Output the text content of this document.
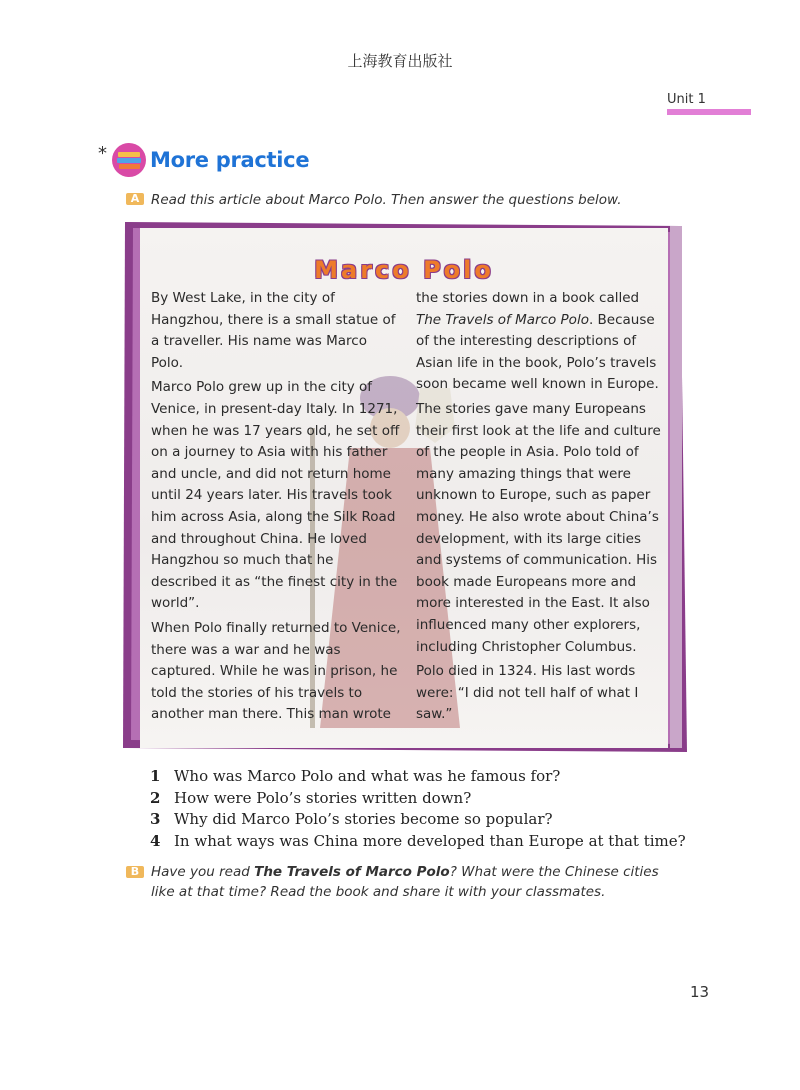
上海教育出版社
Unit 1
* More practice
A Read this article about Marco Polo. Then answer the questions below.
Marco Polo

By West Lake, in the city of Hangzhou, there is a small statue of a traveller. His name was Marco Polo.

Marco Polo grew up in the city of Venice, in present-day Italy. In 1271, when he was 17 years old, he set off on a journey to Asia with his father and uncle, and did not return home until 24 years later. His travels took him across Asia, along the Silk Road and throughout China. He loved Hangzhou so much that he described it as “the finest city in the world”.

When Polo finally returned to Venice, there was a war and he was captured. While he was in prison, he told the stories of his travels to another man there. This man wrote

the stories down in a book called The Travels of Marco Polo. Because of the interesting descriptions of Asian life in the book, Polo’s travels soon became well known in Europe.

The stories gave many Europeans their first look at the life and culture of the people in Asia. Polo told of many amazing things that were unknown to Europe, such as paper money. He also wrote about China’s development, with its large cities and systems of communication. His book made Europeans more and more interested in the East. It also influenced many other explorers, including Christopher Columbus.

Polo died in 1324. His last words were: “I did not tell half of what I saw.”

1 Who was Marco Polo and what was he famous for?
2 How were Polo’s stories written down?
3 Why did Marco Polo’s stories become so popular?
4 In what ways was China more developed than Europe at that time?
B Have you read The Travels of Marco Polo? What were the Chinese cities like at that time? Read the book and share it with your classmates.
13
